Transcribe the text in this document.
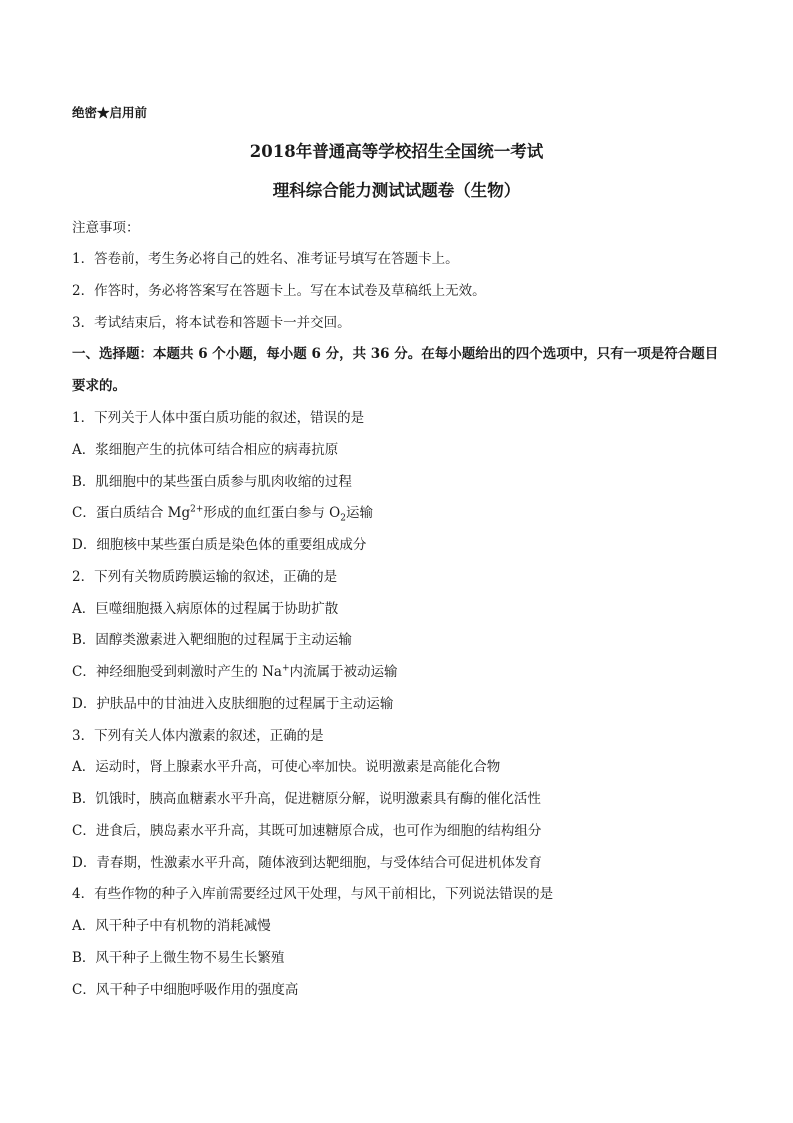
绝密★启用前
2018年普通高等学校招生全国统一考试
理科综合能力测试试题卷（生物）
注意事项：
1．答卷前，考生务必将自己的姓名、准考证号填写在答题卡上。
2．作答时，务必将答案写在答题卡上。写在本试卷及草稿纸上无效。
3．考试结束后，将本试卷和答题卡一并交回。
一、选择题：本题共 6 个小题，每小题 6 分，共 36 分。在每小题给出的四个选项中，只有一项是符合题目
要求的。
1．下列关于人体中蛋白质功能的叙述，错误的是
A．浆细胞产生的抗体可结合相应的病毒抗原
B．肌细胞中的某些蛋白质参与肌肉收缩的过程
C．蛋白质结合 $Mg^{2+}$形成的血红蛋白参与 $O_2$运输
D．细胞核中某些蛋白质是染色体的重要组成成分
2．下列有关物质跨膜运输的叙述，正确的是
A．巨噬细胞摄入病原体的过程属于协助扩散
B．固醇类激素进入靶细胞的过程属于主动运输
C．神经细胞受到刺激时产生的 Na+内流属于被动运输
D．护肤品中的甘油进入皮肤细胞的过程属于主动运输
3．下列有关人体内激素的叙述，正确的是
A．运动时，肾上腺素水平升高，可使心率加快。说明激素是高能化合物
B．饥饿时，胰高血糖素水平升高，促进糖原分解，说明激素具有酶的催化活性
C．进食后，胰岛素水平升高，其既可加速糖原合成，也可作为细胞的结构组分
D．青春期，性激素水平升高，随体液到达靶细胞，与受体结合可促进机体发育
4．有些作物的种子入库前需要经过风干处理，与风干前相比，下列说法错误的是
A．风干种子中有机物的消耗减慢
B．风干种子上微生物不易生长繁殖
C．风干种子中细胞呼吸作用的强度高
